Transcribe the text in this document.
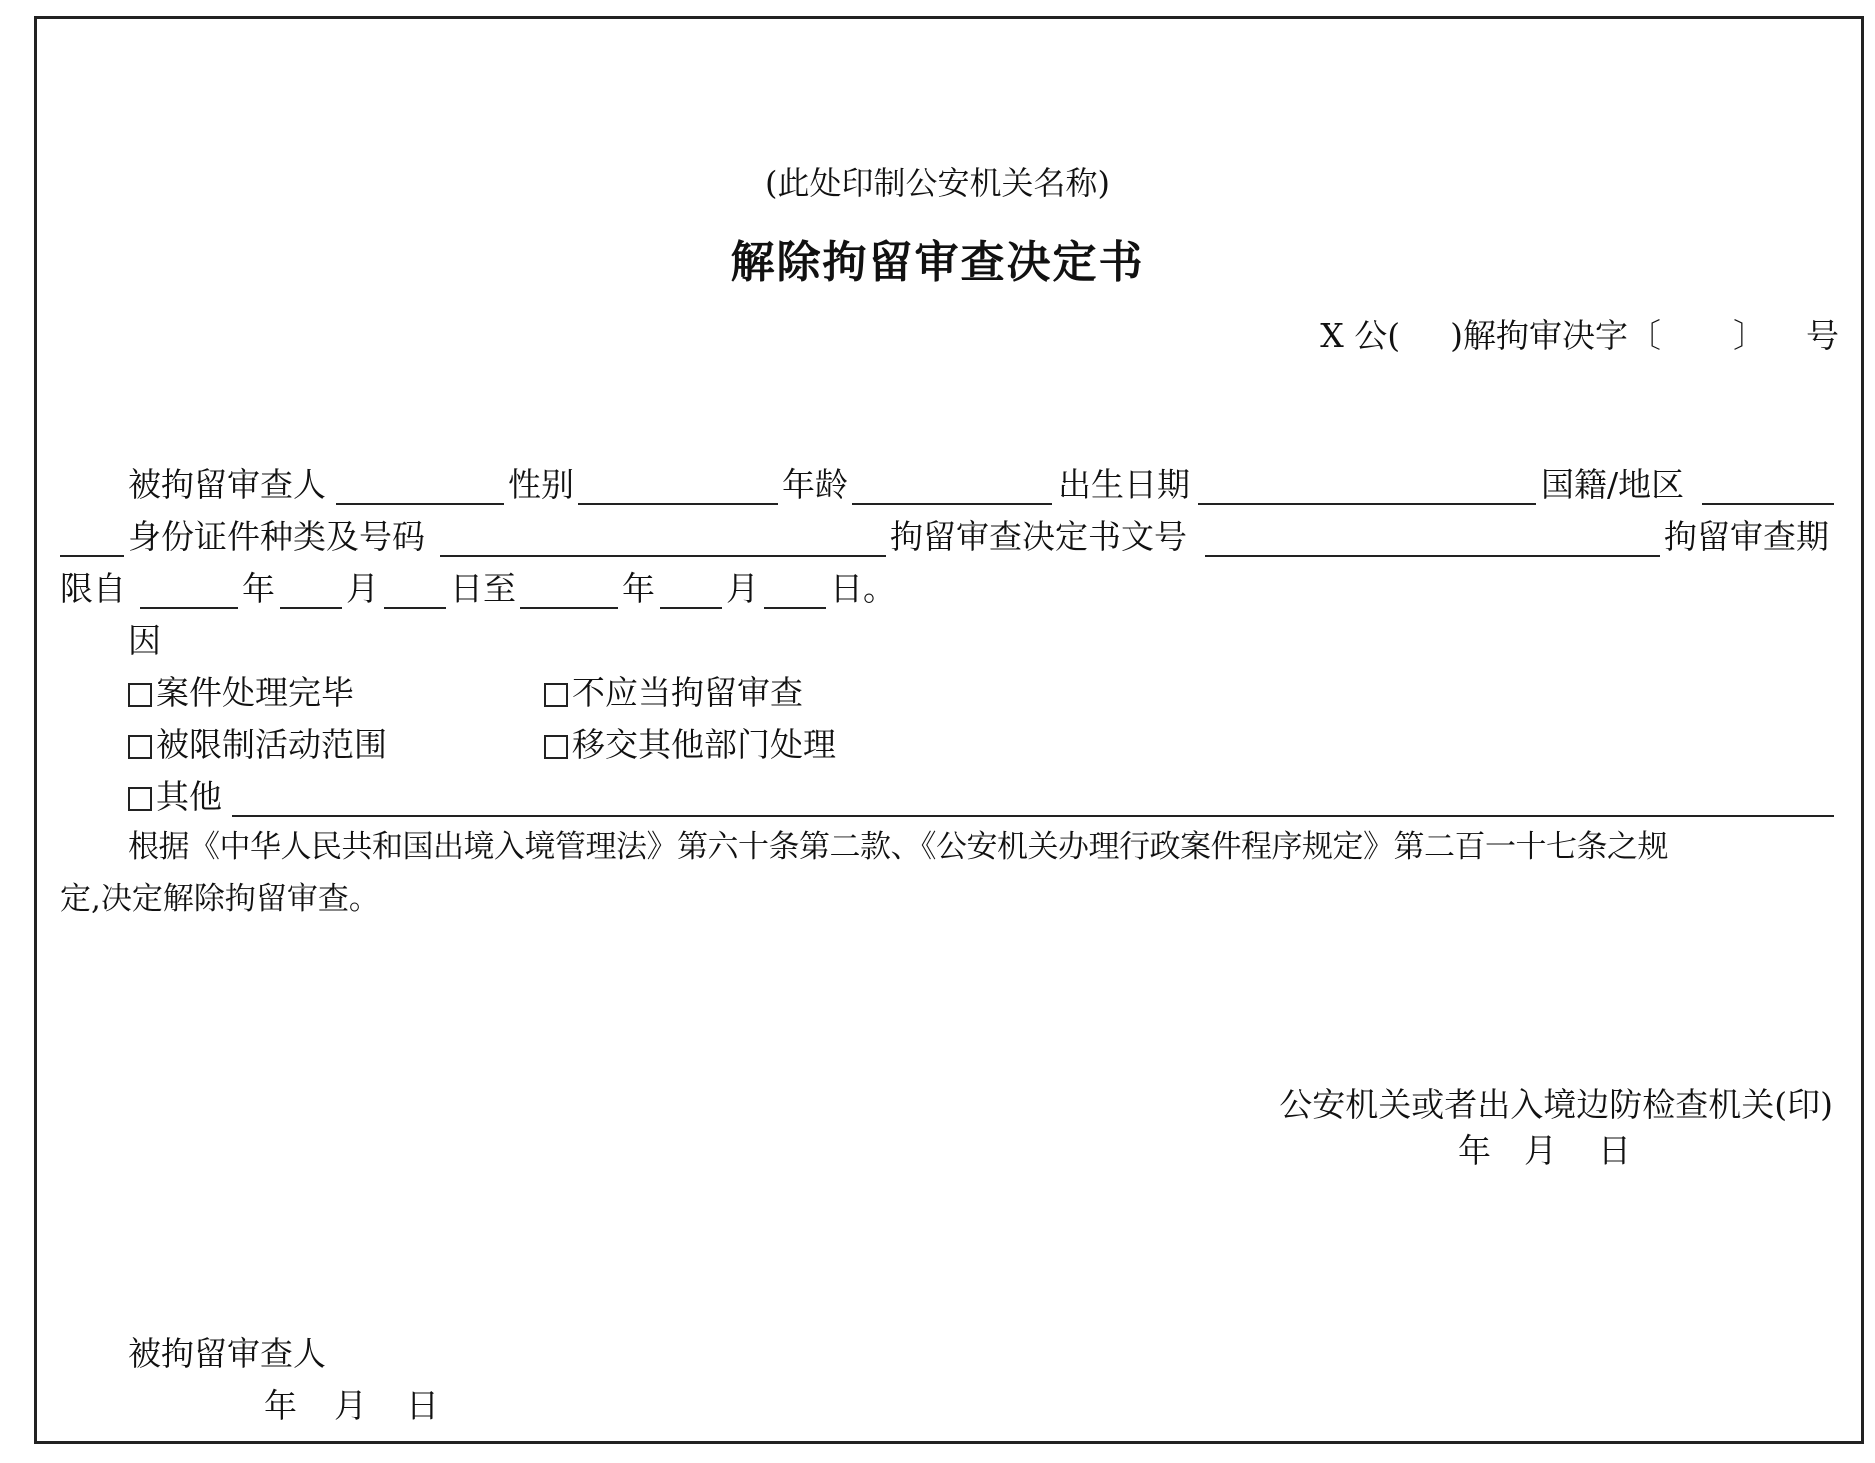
(此处印制公安机关名称)
解除拘留审查决定书
X 公( )解拘审决字〔 〕 号
被拘留审查人	性别	年龄	出生日期	国籍/地区
身份证件种类及号码	拘留审查决定书文号	拘留审查期
限自	年 月 日至	年 月 日。
因
案件处理完毕	不应当拘留审查
被限制活动范围	移交其他部门处理
其他
根据《中华人民共和国出境入境管理法》第六十条第二款、《公安机关办理行政案件程序规定》第二百一十七条之规
定,决定解除拘留审查。
公安机关或者出入境边防检查机关(印)
年 月 日
被拘留审查人
年 月 日
